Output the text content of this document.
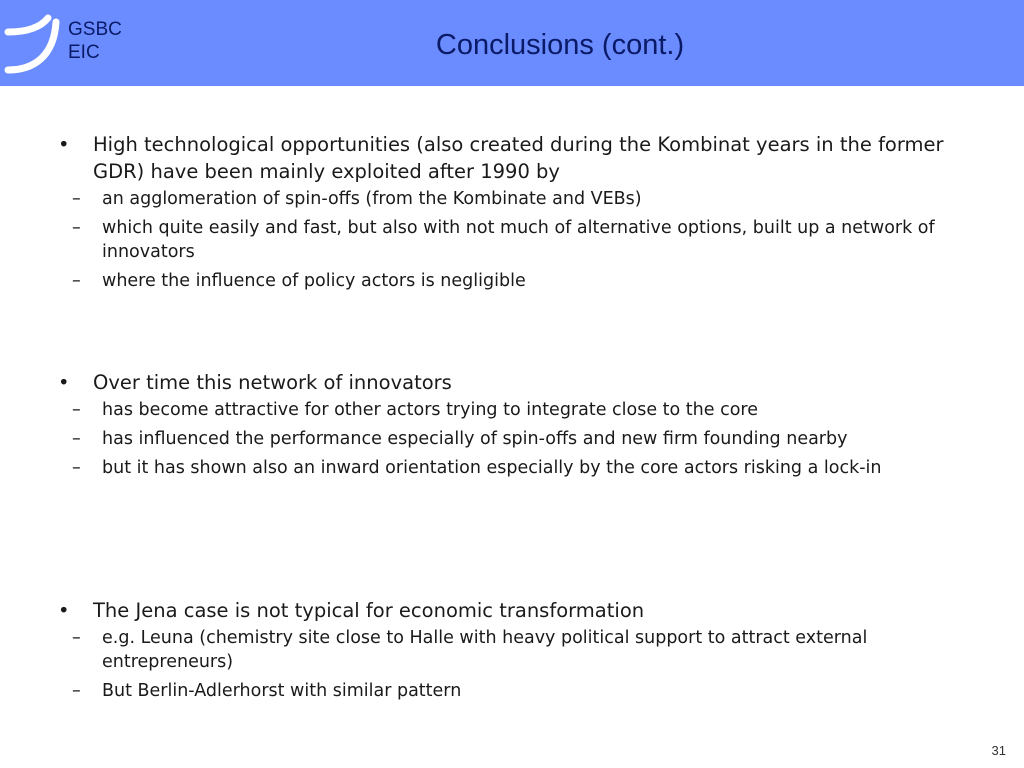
GSBC
EIC	Conclusions (cont.)
•	High technological opportunities (also created during the Kombinat years in the former GDR) have been mainly exploited after 1990 by
–	an agglomeration of spin-offs (from the Kombinate and VEBs)
–	which quite easily and fast, but also with not much of alternative options, built up a network of innovators
–	where the influence of policy actors is negligible
•	Over time this network of innovators
–	has become attractive for other actors trying to integrate close to the core
–	has influenced the performance especially of spin-offs and new firm founding nearby
–	but it has shown also an inward orientation especially by the core actors risking a lock-in
•	The Jena case is not typical for economic transformation
–	e.g. Leuna (chemistry site close to Halle with heavy political support to attract external entrepreneurs)
–	But Berlin-Adlerhorst with similar pattern
31
